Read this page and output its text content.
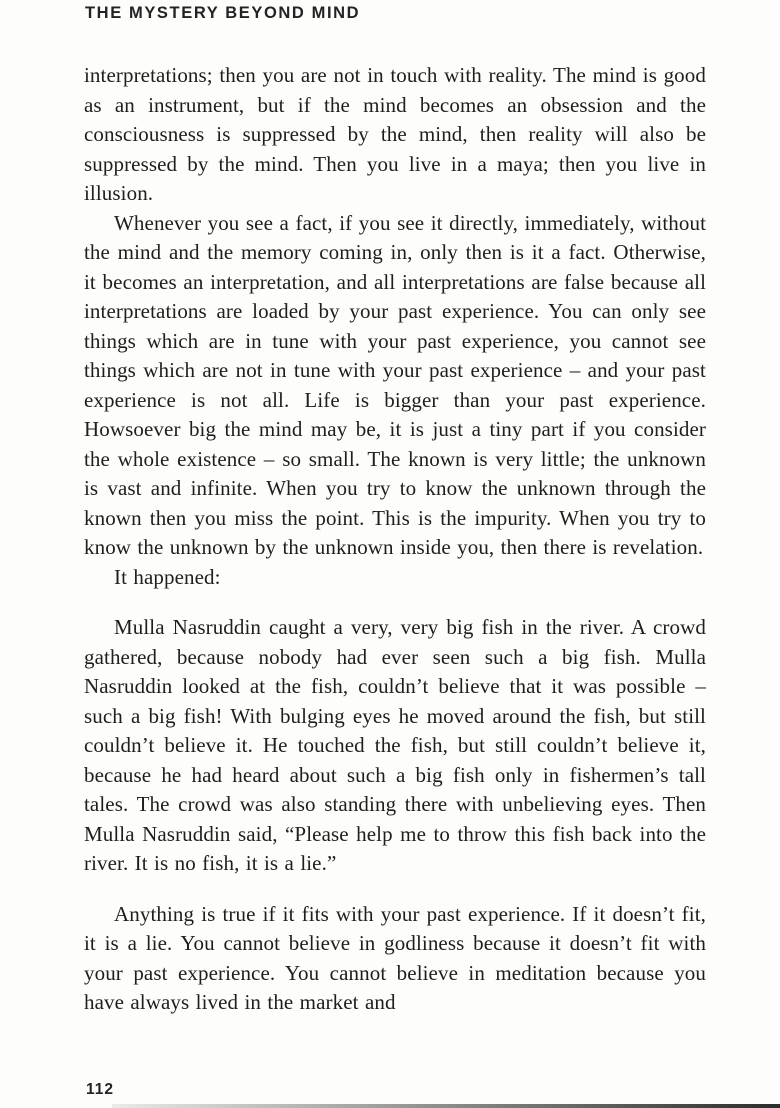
THE MYSTERY BEYOND MIND

interpretations; then you are not in touch with reality. The mind is good as an instrument, but if the mind becomes an obsession and the consciousness is suppressed by the mind, then reality will also be suppressed by the mind. Then you live in a maya; then you live in illusion.

Whenever you see a fact, if you see it directly, immediately, without the mind and the memory coming in, only then is it a fact. Otherwise, it becomes an interpretation, and all interpretations are false because all interpretations are loaded by your past experience. You can only see things which are in tune with your past experience, you cannot see things which are not in tune with your past experience – and your past experience is not all. Life is bigger than your past experience. Howsoever big the mind may be, it is just a tiny part if you consider the whole existence – so small. The known is very little; the unknown is vast and infinite. When you try to know the unknown through the known then you miss the point. This is the impurity. When you try to know the unknown by the unknown inside you, then there is revelation.

It happened:

Mulla Nasruddin caught a very, very big fish in the river. A crowd gathered, because nobody had ever seen such a big fish. Mulla Nasruddin looked at the fish, couldn’t believe that it was possible – such a big fish! With bulging eyes he moved around the fish, but still couldn’t believe it. He touched the fish, but still couldn’t believe it, because he had heard about such a big fish only in fishermen’s tall tales. The crowd was also standing there with unbelieving eyes. Then Mulla Nasruddin said, “Please help me to throw this fish back into the river. It is no fish, it is a lie.”

Anything is true if it fits with your past experience. If it doesn’t fit, it is a lie. You cannot believe in godliness because it doesn’t fit with your past experience. You cannot believe in meditation because you have always lived in the market and

112
